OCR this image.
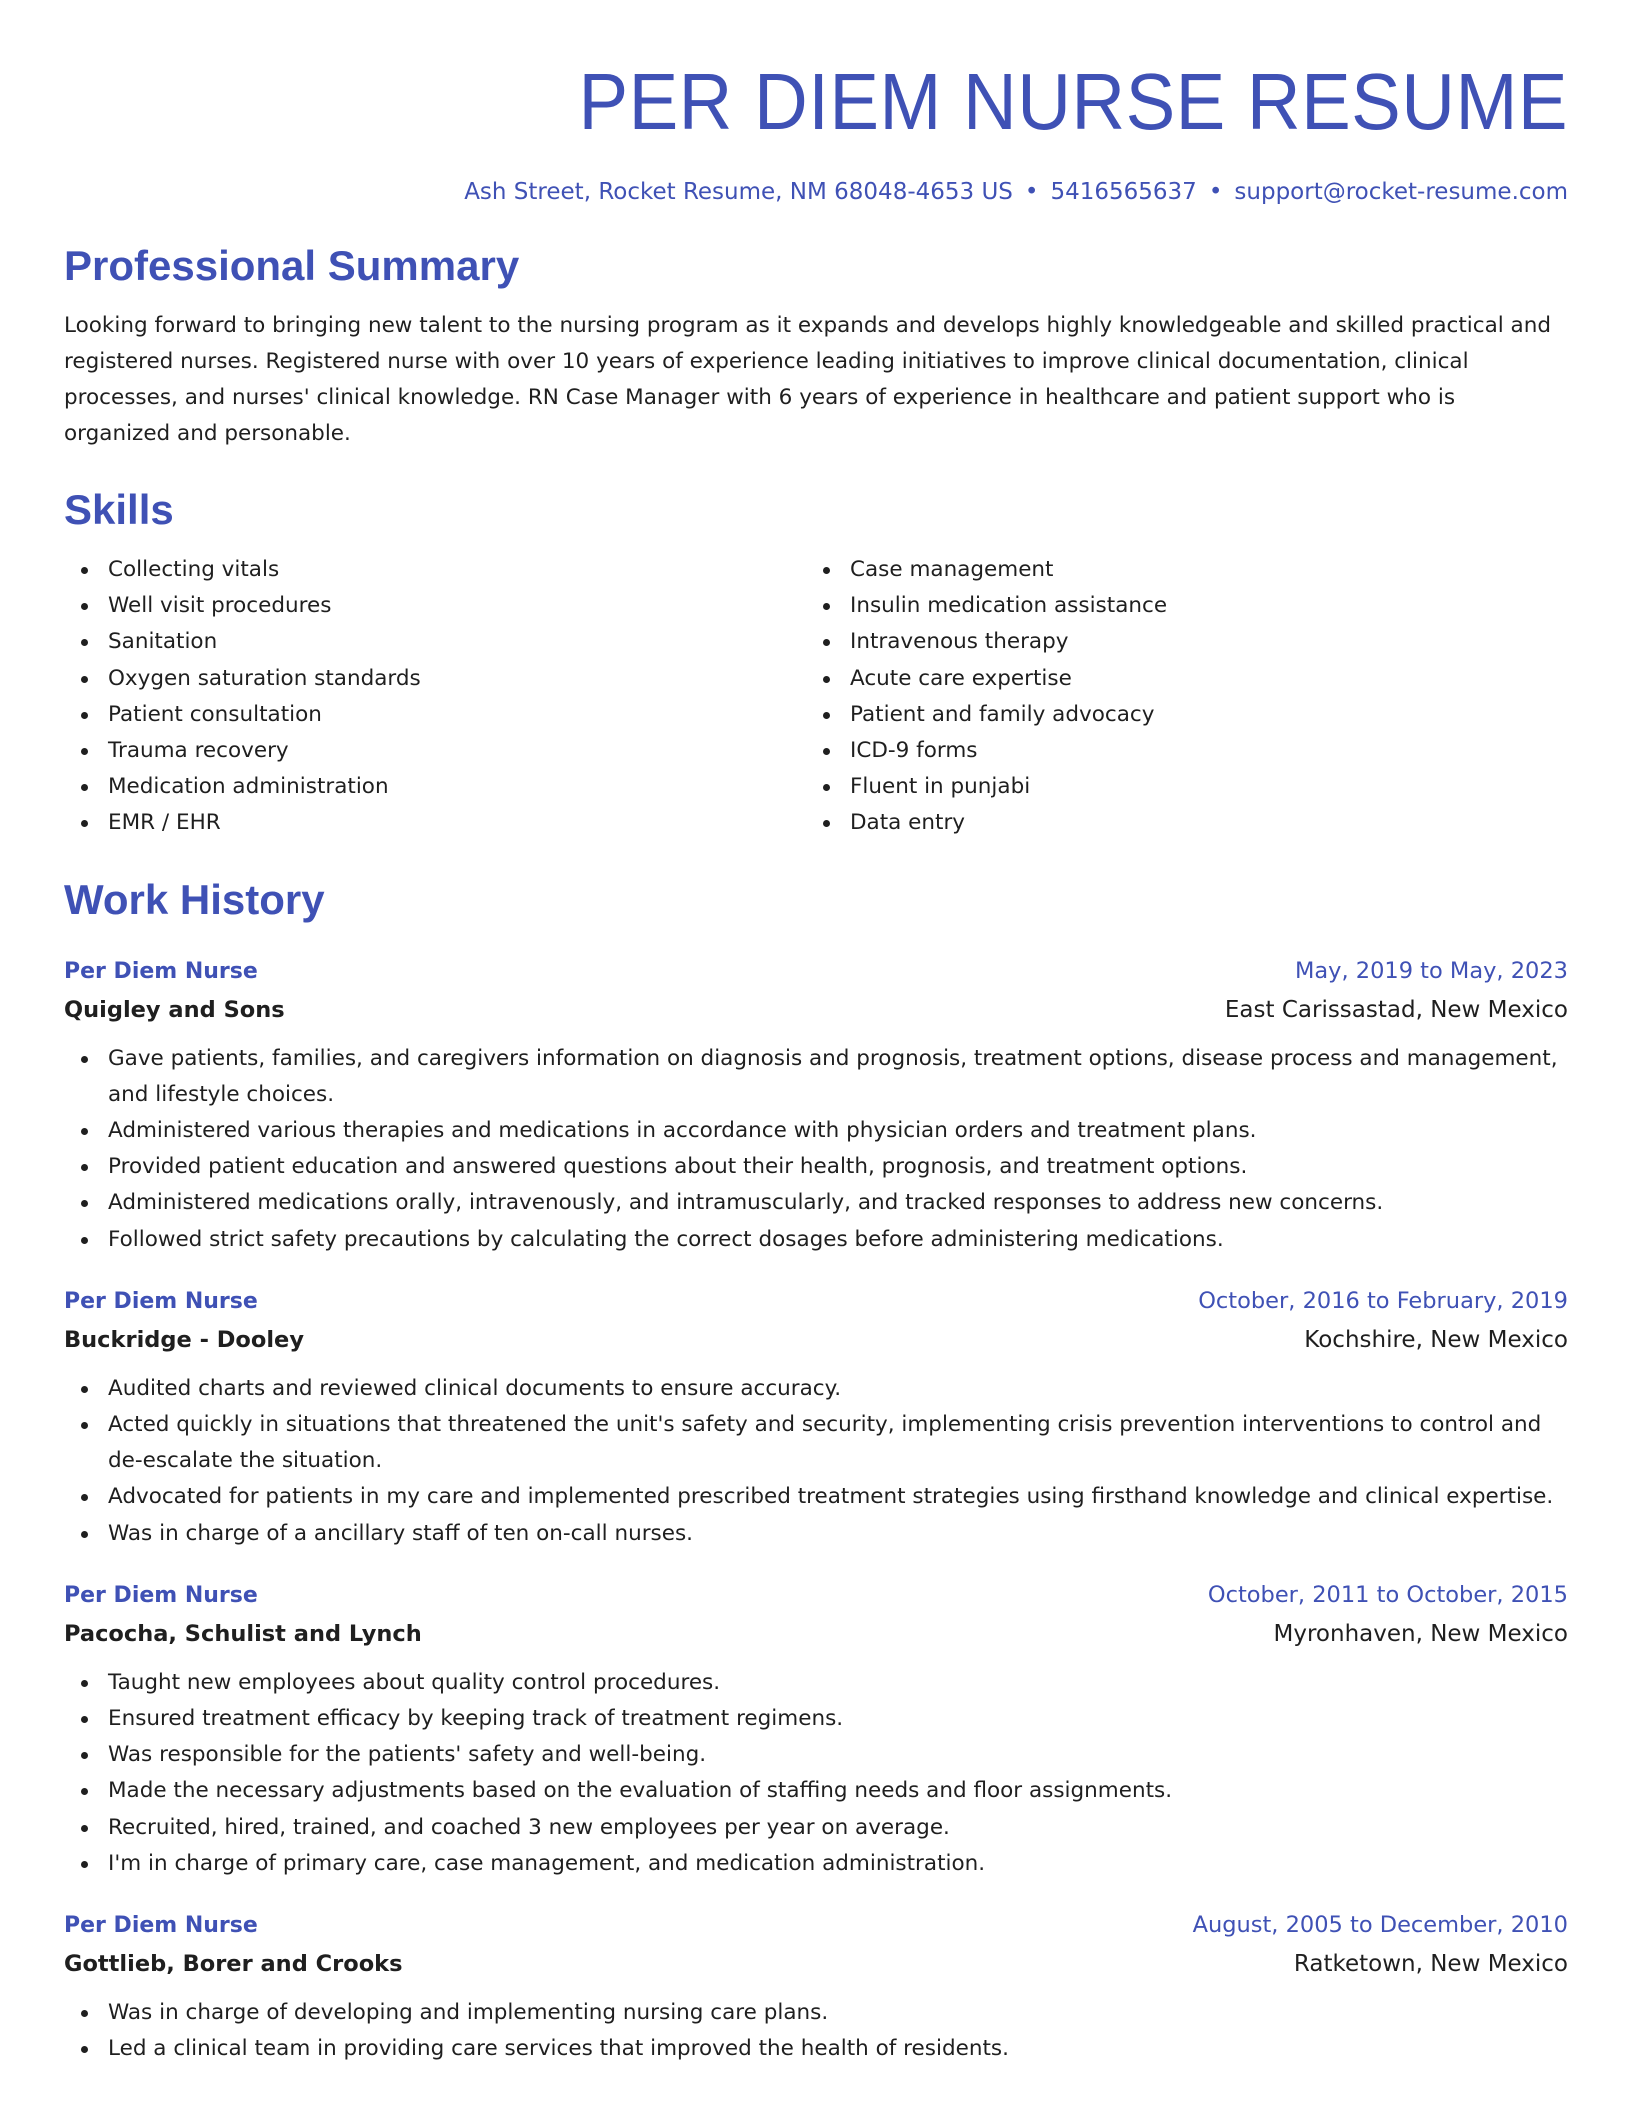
PER DIEM NURSE RESUME
Ash Street, Rocket Resume, NM 68048-4653 US • 5416565637 • support@rocket-resume.com
Professional Summary

Looking forward to bringing new talent to the nursing program as it expands and develops highly knowledgeable and skilled practical and registered nurses. Registered nurse with over 10 years of experience leading initiatives to improve clinical documentation, clinical processes, and nurses' clinical knowledge. RN Case Manager with 6 years of experience in healthcare and patient support who is organized and personable.

Skills
Collecting vitals
Well visit procedures
Sanitation
Oxygen saturation standards
Patient consultation
Trauma recovery
Medication administration
EMR / EHR
Case management
Insulin medication assistance
Intravenous therapy
Acute care expertise
Patient and family advocacy
ICD-9 forms
Fluent in punjabi
Data entry
Work History
Per Diem Nurse	May, 2019 to May, 2023
Quigley and Sons	East Carissastad, New Mexico
Gave patients, families, and caregivers information on diagnosis and prognosis, treatment options, disease process and management, and lifestyle choices.
Administered various therapies and medications in accordance with physician orders and treatment plans.
Provided patient education and answered questions about their health, prognosis, and treatment options.
Administered medications orally, intravenously, and intramuscularly, and tracked responses to address new concerns.
Followed strict safety precautions by calculating the correct dosages before administering medications.
Per Diem Nurse	October, 2016 to February, 2019
Buckridge - Dooley	Kochshire, New Mexico
Audited charts and reviewed clinical documents to ensure accuracy.
Acted quickly in situations that threatened the unit's safety and security, implementing crisis prevention interventions to control and de-escalate the situation.
Advocated for patients in my care and implemented prescribed treatment strategies using firsthand knowledge and clinical expertise.
Was in charge of a ancillary staff of ten on-call nurses.
Per Diem Nurse	October, 2011 to October, 2015
Pacocha, Schulist and Lynch	Myronhaven, New Mexico
Taught new employees about quality control procedures.
Ensured treatment efficacy by keeping track of treatment regimens.
Was responsible for the patients' safety and well-being.
Made the necessary adjustments based on the evaluation of staffing needs and floor assignments.
Recruited, hired, trained, and coached 3 new employees per year on average.
I'm in charge of primary care, case management, and medication administration.
Per Diem Nurse	August, 2005 to December, 2010
Gottlieb, Borer and Crooks	Ratketown, New Mexico
Was in charge of developing and implementing nursing care plans.
Led a clinical team in providing care services that improved the health of residents.
